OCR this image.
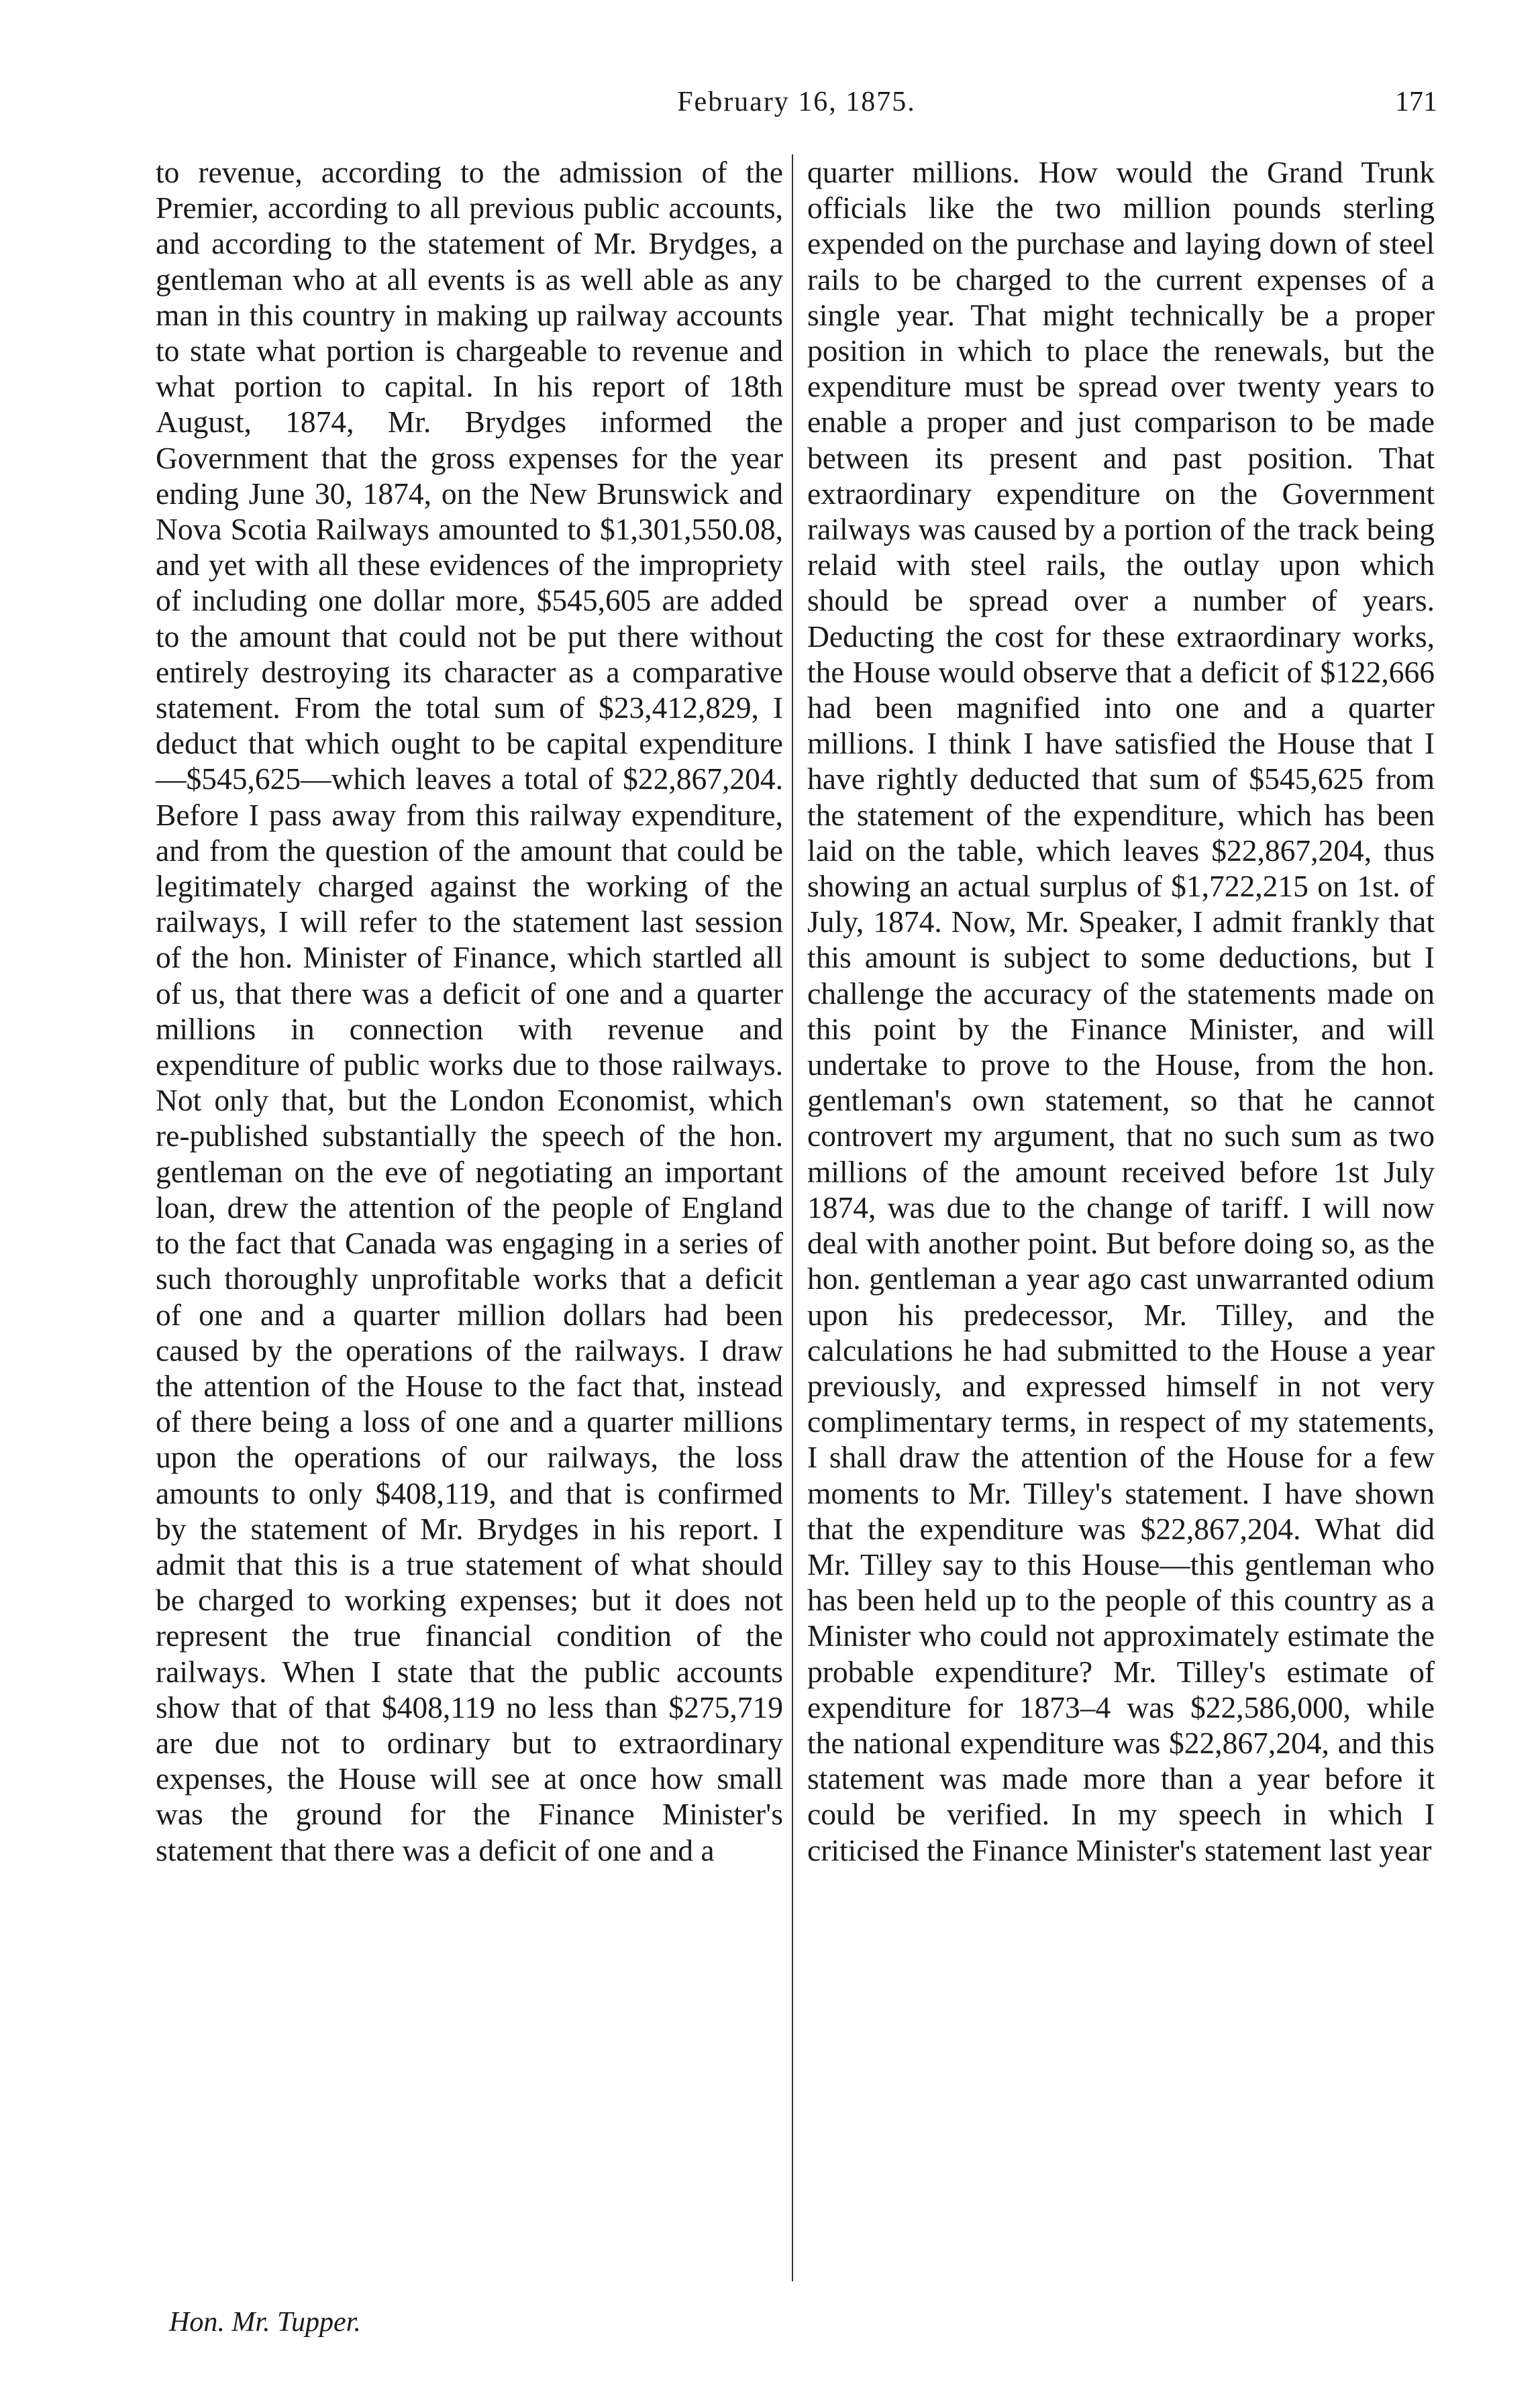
February 16, 1875.	171

to revenue, according to the admission of the Premier, according to all previous public accounts, and according to the statement of Mr. Brydges, a gentleman who at all events is as well able as any man in this country in making up railway accounts to state what portion is chargeable to revenue and what portion to capital. In his report of 18th August, 1874, Mr. Brydges informed the Government that the gross expenses for the year ending June 30, 1874, on the New Brunswick and Nova Scotia Railways amounted to $1,301,550.08, and yet with all these evidences of the impropriety of including one dollar more, $545,605 are added to the amount that could not be put there without entirely destroying its character as a comparative statement. From the total sum of $23,412,829, I deduct that which ought to be capital expenditure—$545,625—which leaves a total of $22,867,204. Before I pass away from this railway expenditure, and from the question of the amount that could be legitimately charged against the working of the railways, I will refer to the statement last session of the hon. Minister of Finance, which startled all of us, that there was a deficit of one and a quarter millions in connection with revenue and expenditure of public works due to those railways. Not only that, but the London Economist, which re-published substantially the speech of the hon. gentleman on the eve of negotiating an important loan, drew the attention of the people of England to the fact that Canada was engaging in a series of such thoroughly unprofitable works that a deficit of one and a quarter million dollars had been caused by the operations of the railways. I draw the attention of the House to the fact that, instead of there being a loss of one and a quarter millions upon the operations of our railways, the loss amounts to only $408,119, and that is confirmed by the statement of Mr. Brydges in his report. I admit that this is a true statement of what should be charged to working expenses; but it does not represent the true financial condition of the railways. When I state that the public accounts show that of that $408,119 no less than $275,719 are due not to ordinary but to extraordinary expenses, the House will see at once how small was the ground for the Finance Minister's statement that there was a deficit of one and a

quarter millions. How would the Grand Trunk officials like the two million pounds sterling expended on the purchase and laying down of steel rails to be charged to the current expenses of a single year. That might technically be a proper position in which to place the renewals, but the expenditure must be spread over twenty years to enable a proper and just comparison to be made between its present and past position. That extraordinary expenditure on the Government railways was caused by a portion of the track being relaid with steel rails, the outlay upon which should be spread over a number of years. Deducting the cost for these extraordinary works, the House would observe that a deficit of $122,666 had been magnified into one and a quarter millions. I think I have satisfied the House that I have rightly deducted that sum of $545,625 from the statement of the expenditure, which has been laid on the table, which leaves $22,867,204, thus showing an actual surplus of $1,722,215 on 1st. of July, 1874. Now, Mr. Speaker, I admit frankly that this amount is subject to some deductions, but I challenge the accuracy of the statements made on this point by the Finance Minister, and will undertake to prove to the House, from the hon. gentleman's own statement, so that he cannot controvert my argument, that no such sum as two millions of the amount received before 1st July 1874, was due to the change of tariff. I will now deal with another point. But before doing so, as the hon. gentleman a year ago cast unwarranted odium upon his predecessor, Mr. Tilley, and the calculations he had submitted to the House a year previously, and expressed himself in not very complimentary terms, in respect of my statements, I shall draw the attention of the House for a few moments to Mr. Tilley's statement. I have shown that the expenditure was $22,867,204. What did Mr. Tilley say to this House—this gentleman who has been held up to the people of this country as a Minister who could not approximately estimate the probable expenditure? Mr. Tilley's estimate of expenditure for 1873–4 was $22,586,000, while the national expenditure was $22,867,204, and this statement was made more than a year before it could be verified. In my speech in which I criticised the Finance Minister's statement last year

Hon. Mr. Tupper.
